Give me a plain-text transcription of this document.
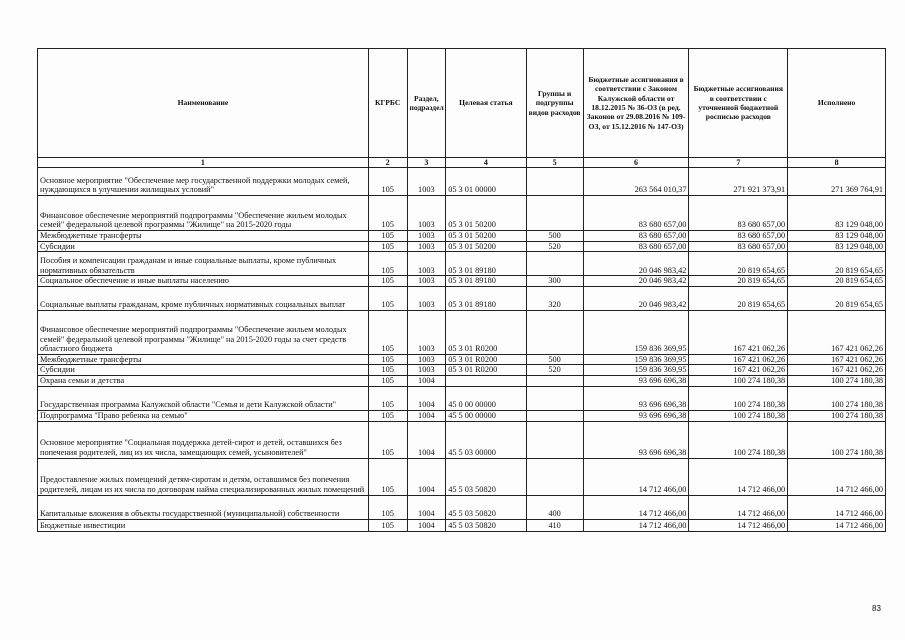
Наименование	КГРБС	Раздел, подраздел	Целевая статья	Группы и подгруппы видов расходов	Бюджетные ассигнования в соответствии с Законом Калужской области от 18.12.2015 № 36-ОЗ (в ред. Законов от 29.08.2016 № 109-ОЗ, от 15.12.2016 № 147-ОЗ)	Бюджетные ассигнования в соответствии с уточненной бюджетной росписью расходов	Исполнено
1	2	3	4	5	6	7	8
Основное мероприятие "Обеспечение мер государственной поддержки молодых семей, нуждающихся в улучшении жилищных условий"	105	1003	05 3 01 00000		263 564 010,37	271 921 373,91	271 369 764,91
Финансовое обеспечение мероприятий подпрограммы "Обеспечение жильем молодых семей" федеральной целевой программы "Жилище" на 2015-2020 годы	105	1003	05 3 01 50200		83 680 657,00	83 680 657,00	83 129 048,00
Межбюджетные трансферты	105	1003	05 3 01 50200	500	83 680 657,00	83 680 657,00	83 129 048,00
Субсидии	105	1003	05 3 01 50200	520	83 680 657,00	83 680 657,00	83 129 048,00
Пособия и компенсации гражданам и иные социальные выплаты, кроме публичных нормативных обязательств	105	1003	05 3 01 89180		20 046 983,42	20 819 654,65	20 819 654,65
Социальное обеспечение и иные выплаты населению	105	1003	05 3 01 89180	300	20 046 983,42	20 819 654,65	20 819 654,65
Социальные выплаты гражданам, кроме публичных нормативных социальных выплат	105	1003	05 3 01 89180	320	20 046 983,42	20 819 654,65	20 819 654,65
Финансовое обеспечение мероприятий подпрограммы "Обеспечение жильем молодых семей" федеральной целевой программы "Жилище" на 2015-2020 годы за счет средств областного бюджета	105	1003	05 3 01 R0200		159 836 369,95	167 421 062,26	167 421 062,26
Межбюджетные трансферты	105	1003	05 3 01 R0200	500	159 836 369,95	167 421 062,26	167 421 062,26
Субсидии	105	1003	05 3 01 R0200	520	159 836 369,95	167 421 062,26	167 421 062,26
Охрана семьи и детства	105	1004			93 696 696,38	100 274 180,38	100 274 180,38
Государственная программа Калужской области "Семья и дети Калужской области"	105	1004	45 0 00 00000		93 696 696,38	100 274 180,38	100 274 180,38
Подпрограмма "Право ребенка на семью"	105	1004	45 5 00 00000		93 696 696,38	100 274 180,38	100 274 180,38
Основное мероприятие "Социальная поддержка детей-сирот и детей, оставшихся без попечения родителей, лиц из их числа, замещающих семей, усыновителей"	105	1004	45 5 03 00000		93 696 696,38	100 274 180,38	100 274 180,38
Предоставление жилых помещений детям-сиротам и детям, оставшимся без попечения родителей, лицам из их числа по договорам найма специализированных жилых помещений	105	1004	45 5 03 50820		14 712 466,00	14 712 466,00	14 712 466,00
Капитальные вложения в объекты государственной (муниципальной) собственности	105	1004	45 5 03 50820	400	14 712 466,00	14 712 466,00	14 712 466,00
Бюджетные инвестиции	105	1004	45 5 03 50820	410	14 712 466,00	14 712 466,00	14 712 466,00
83
